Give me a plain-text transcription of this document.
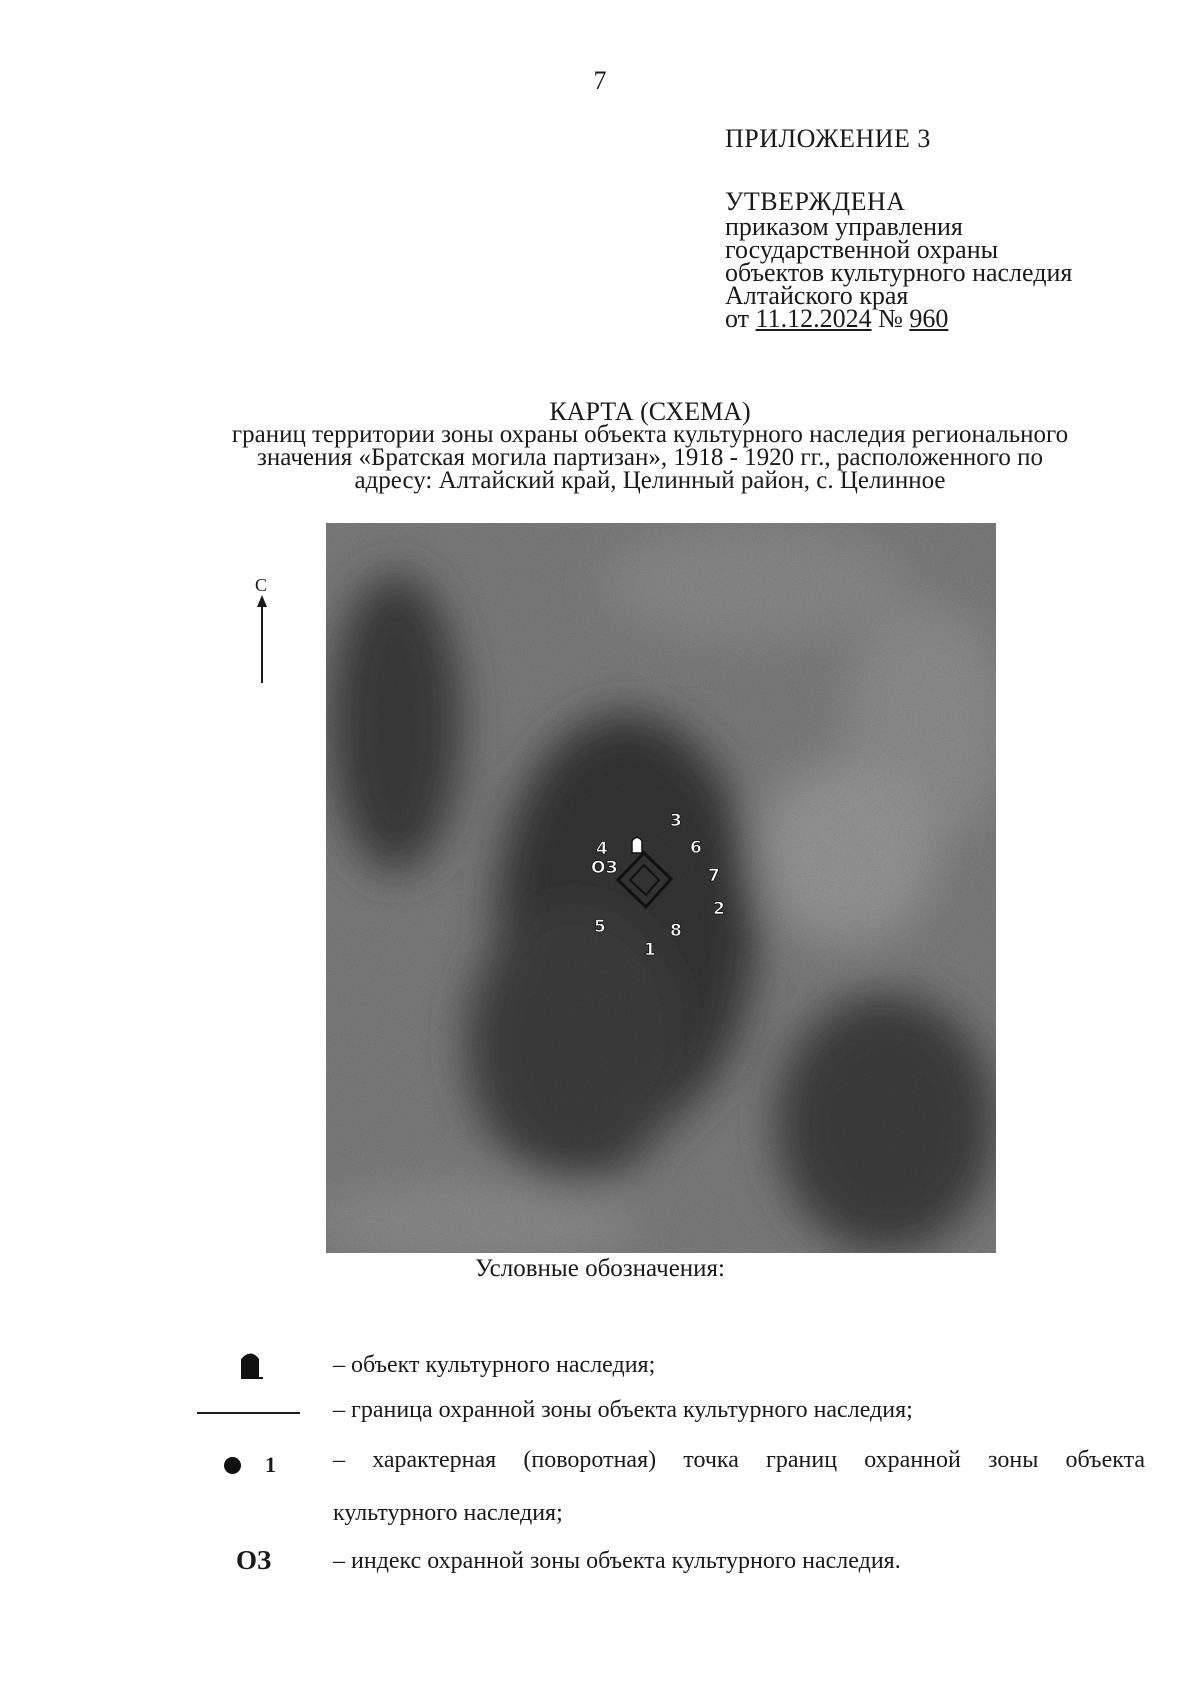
7
ПРИЛОЖЕНИЕ 3
УТВЕРЖДЕНА
приказом управления
государственной охраны
объектов культурного наследия
Алтайского края
от 11.12.2024 № 960
КАРТА (СХЕМА)
границ территории зоны охраны объекта культурного наследия регионального
значения «Братская могила партизан», 1918 - 1920 гг., расположенного по
адресу: Алтайский край, Целинный район, с. Целинное
С
ОЗ
1
2
3
4
5
6
7
8
Условные обозначения:
– объект культурного наследия;
– граница охранной зоны объекта культурного наследия;
1 – характерная (поворотная) точка границ охранной зоны объекта
культурного наследия;
ОЗ	– индекс охранной зоны объекта культурного наследия.
